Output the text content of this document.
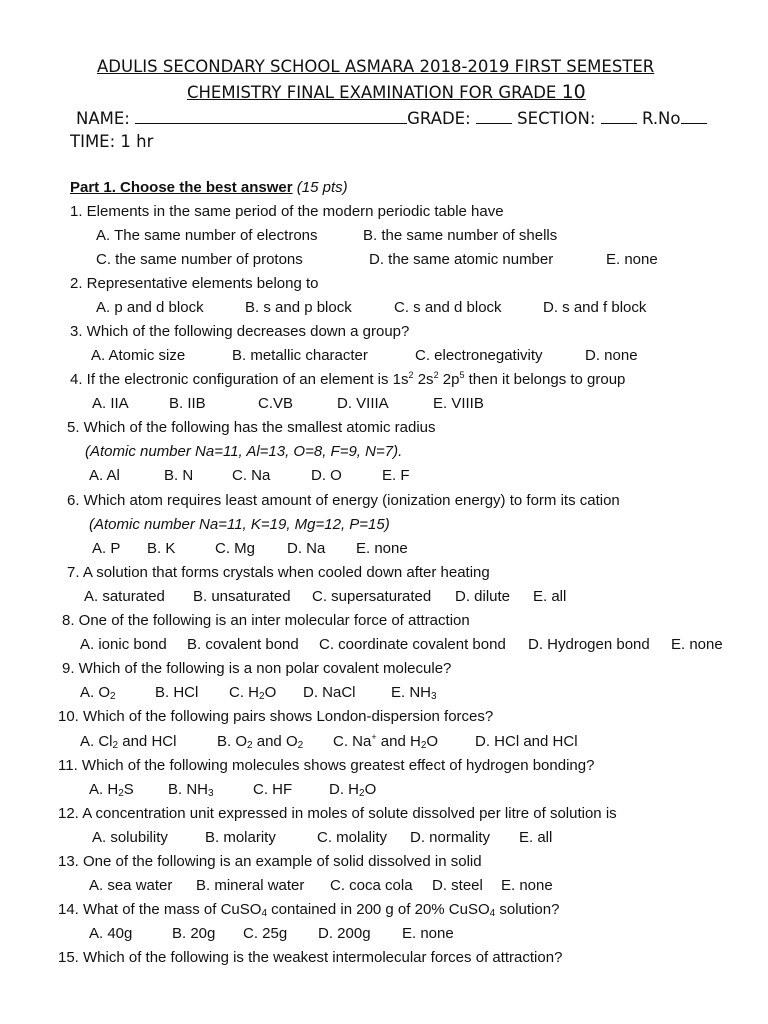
ADULIS SECONDARY SCHOOL ASMARA 2018-2019 FIRST SEMESTER
CHEMISTRY FINAL EXAMINATION FOR GRADE 10
NAME:	GRADE:	SECTION:	R.No
TIME: 1 hr
Part 1. Choose the best answer (15 pts)
1. Elements in the same period of the modern periodic table have
A. The same number of electrons	B. the same number of shells
C. the same number of protons	D. the same atomic number	E. none
2. Representative elements belong to
A. p and d block	B. s and p block	C. s and d block	D. s and f block
3. Which of the following decreases down a group?
A. Atomic size	B. metallic character	C. electronegativity	D. none
4. If the electronic configuration of an element is $1s^2$ $2s^2$ $2p^5$ then it belongs to group
A. IIA	B. IIB	C.VB	D. VIIIA	E. VIIIB
5. Which of the following has the smallest atomic radius
(Atomic number Na=11, Al=13, O=8, F=9, N=7).
A. Al	B. N	C. Na	D. O	E. F
6. Which atom requires least amount of energy (ionization energy) to form its cation
(Atomic number Na=11, K=19, Mg=12, P=15)
A. P B. K	C. Mg D. Na E. none
7. A solution that forms crystals when cooled down after heating
A. saturated B. unsaturated C. supersaturated D. dilute E. all
8. One of the following is an inter molecular force of attraction
A. ionic bond B. covalent bond C. coordinate covalent bond D. Hydrogen bond E. none
9. Which of the following is a non polar covalent molecule?
A. $O_2$	B. HCl C. $H_2O$ D. NaCl E. $NH_3$
10. Which of the following pairs shows London-dispersion forces?
A. $Cl_2$ and HCl	B. $O_2$ and $O_2$ C. Na+ and $H_2O$ D. HCl and HCl
11. Which of the following molecules shows greatest effect of hydrogen bonding?
A. $H_2S$ B. $NH_3$	C. HF D. $H_2O$
12. A concentration unit expressed in moles of solute dissolved per litre of solution is
A. solubility B. molarity	C. molality D. normality E. all
13. One of the following is an example of solid dissolved in solid
A. sea water B. mineral water C. coca cola D. steel E. none
14. What of the mass of CuSO$_4$ contained in 200 g of 20% CuSO$_4$ solution?
A. 40g	B. 20g C. 25g D. 200g E. none
15. Which of the following is the weakest intermolecular forces of attraction?
